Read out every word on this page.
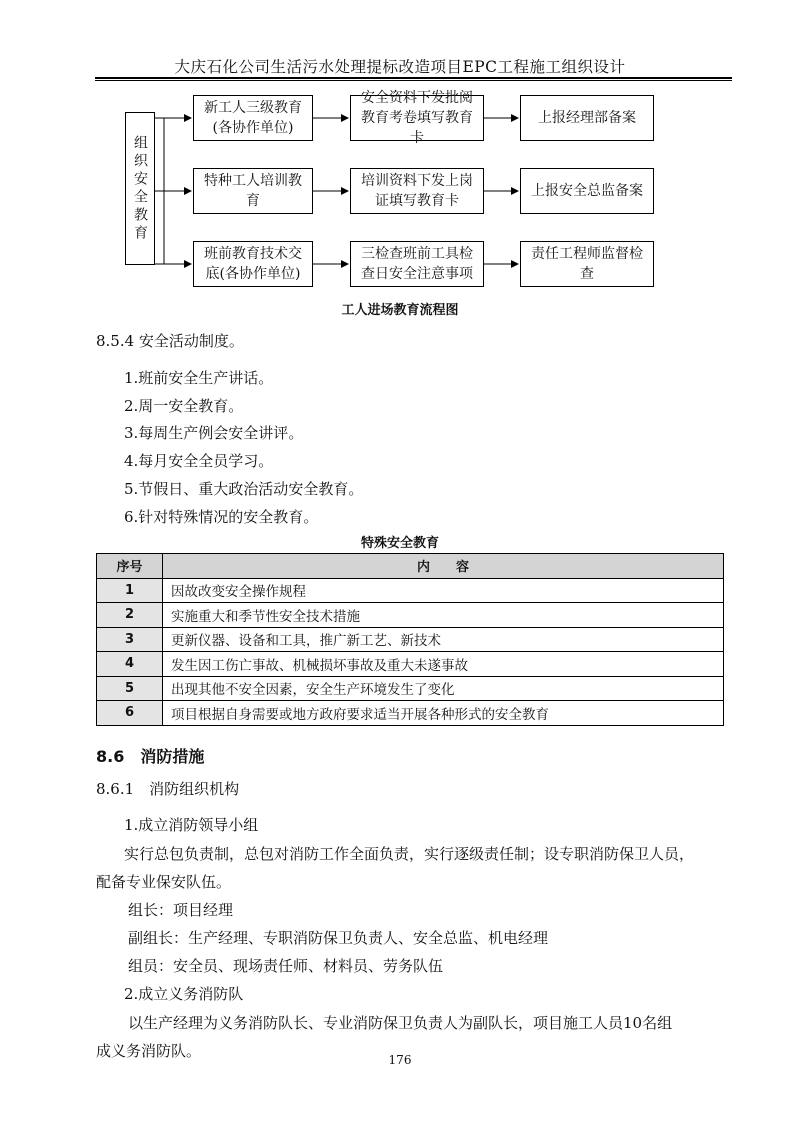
大庆石化公司生活污水处理提标改造项目EPC工程施工组织设计
组织安全教育
新工人三级教育(各协作单位)
安全资料下发批阅教育考卷填写教育卡
上报经理部备案
特种工人培训教育
培训资料下发上岗证填写教育卡
上报安全总监备案
班前教育技术交底(各协作单位)
三检查班前工具检查日安全注意事项
责任工程师监督检查
工人进场教育流程图
8.5.4 安全活动制度。
1.班前安全生产讲话。
2.周一安全教育。
3.每周生产例会安全讲评。
4.每月安全全员学习。
5.节假日、重大政治活动安全教育。
6.针对特殊情况的安全教育。
特殊安全教育
序号	内　　容
1	因故改变安全操作规程
2	实施重大和季节性安全技术措施
3	更新仪器、设备和工具，推广新工艺、新技术
4	发生因工伤亡事故、机械损坏事故及重大未遂事故
5	出现其他不安全因素，安全生产环境发生了变化
6	项目根据自身需要或地方政府要求适当开展各种形式的安全教育
8.6　消防措施
8.6.1　消防组织机构
1.成立消防领导小组
实行总包负责制，总包对消防工作全面负责，实行逐级责任制；设专职消防保卫人员，
配备专业保安队伍。
组长：项目经理
副组长：生产经理、专职消防保卫负责人、安全总监、机电经理
组员：安全员、现场责任师、材料员、劳务队伍
2.成立义务消防队
以生产经理为义务消防队长、专业消防保卫负责人为副队长，项目施工人员10名组
成义务消防队。	176
